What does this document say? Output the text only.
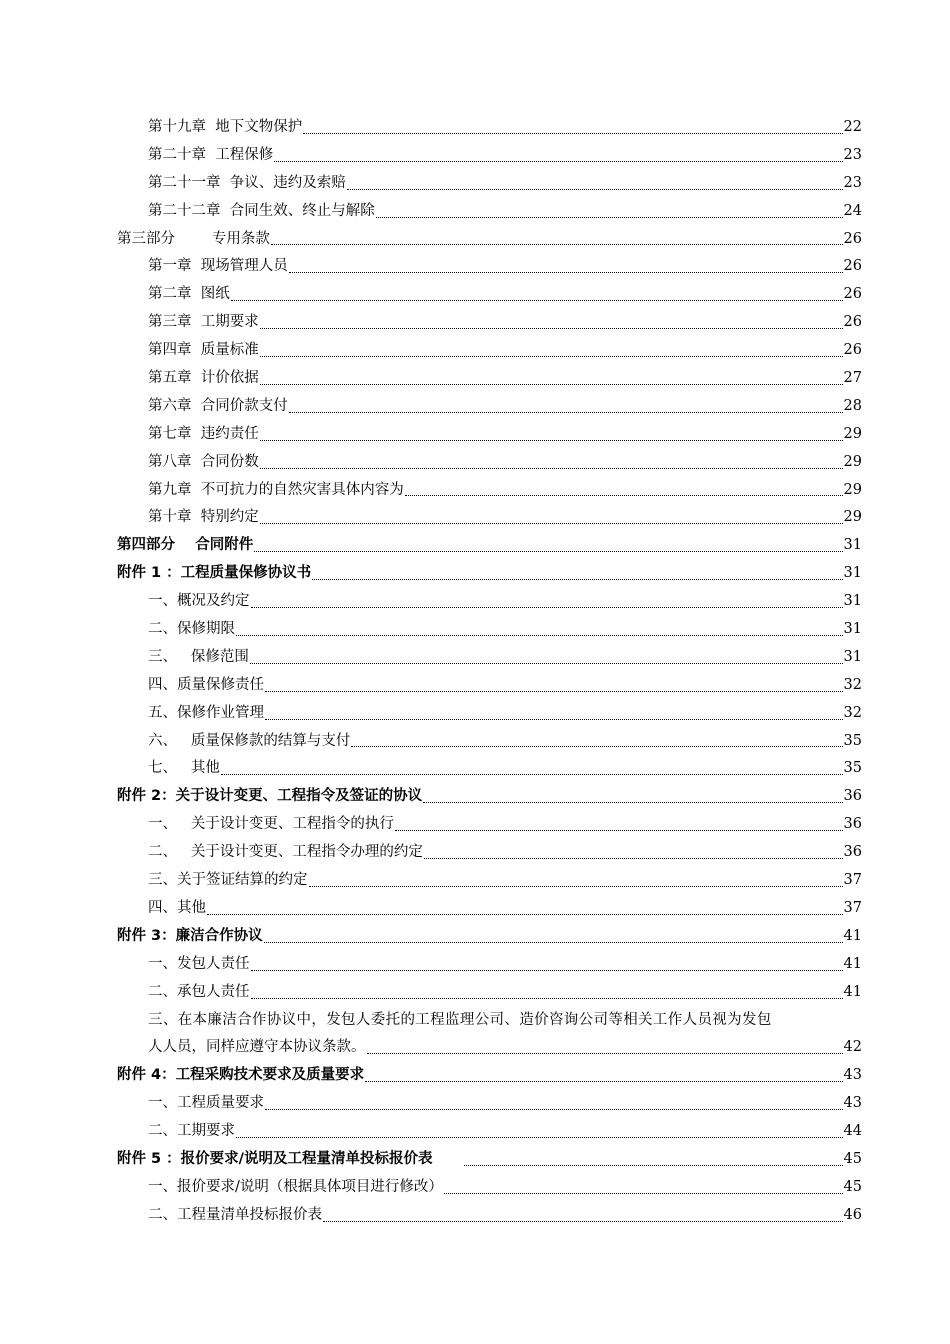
第十九章  地下文物保护	22
第二十章  工程保修	23
第二十一章  争议、违约及索赔	23
第二十二章  合同生效、终止与解除	24
第三部分        专用条款	26
第一章  现场管理人员	26
第二章  图纸	26
第三章  工期要求	26
第四章  质量标准	26
第五章  计价依据	27
第六章  合同价款支付	28
第七章  违约责任	29
第八章  合同份数	29
第九章  不可抗力的自然灾害具体内容为	29
第十章  特别约定	29
第四部分    合同附件	31
附件 1 ：工程质量保修协议书	31
一、概况及约定	31
二、保修期限	31
三、   保修范围	31
四、质量保修责任	32
五、保修作业管理	32
六、   质量保修款的结算与支付	35
七、   其他	35
附件 2：关于设计变更、工程指令及签证的协议	36
一、   关于设计变更、工程指令的执行	36
二、   关于设计变更、工程指令办理的约定	36
三、关于签证结算的约定	37
四、其他	37
附件 3：廉洁合作协议	41
一、发包人责任	41
二、承包人责任	41
三、在本廉洁合作协议中，发包人委托的工程监理公司、造价咨询公司等相关工作人员视为发包
人人员，同样应遵守本协议条款。	42
附件 4：工程采购技术要求及质量要求	43
一、工程质量要求	43
二、工期要求	44
附件 5 ：报价要求/说明及工程量清单投标报价表	45
一、报价要求/说明（根据具体项目进行修改）	45
二、工程量清单投标报价表	46
